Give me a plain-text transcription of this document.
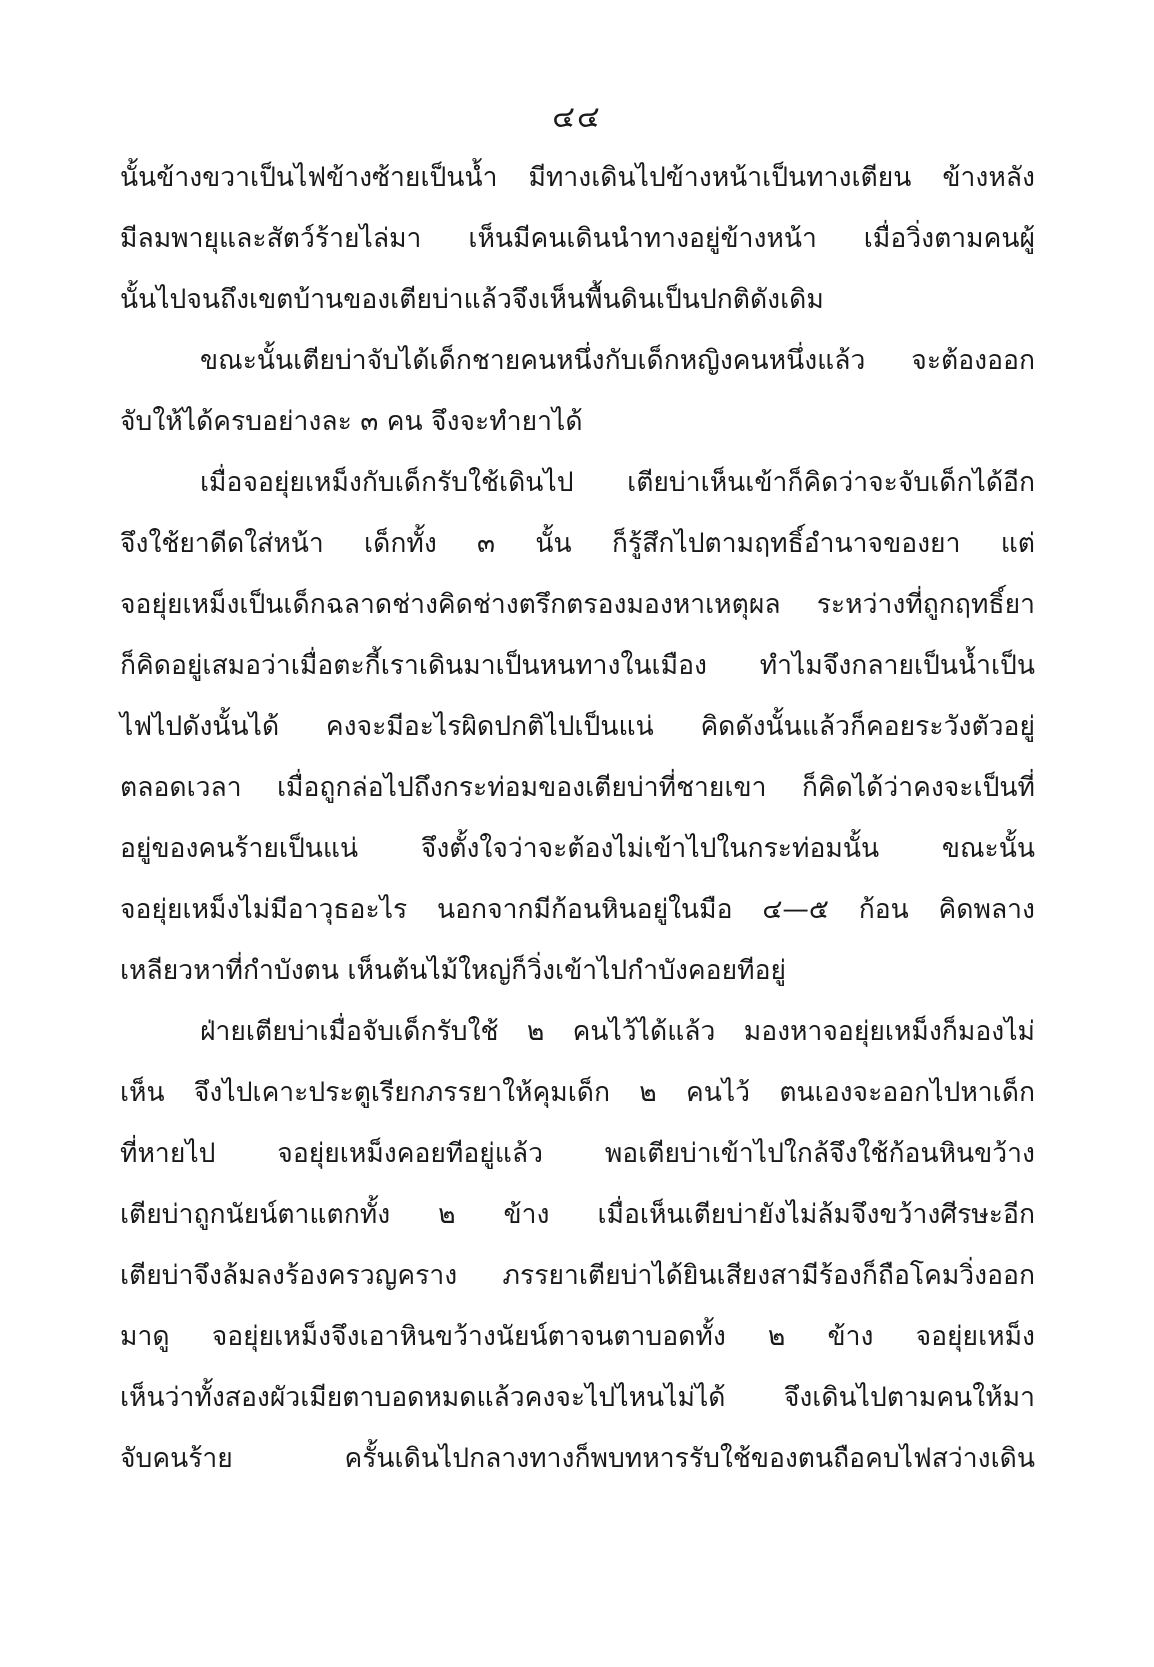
๔๔
นั้นข้างขวาเป็นไฟข้างซ้ายเป็นน้ำ มีทางเดินไปข้างหน้าเป็นทางเตียน ข้างหลัง
มีลมพายุและสัตว์ร้ายไล่มา เห็นมีคนเดินนำทางอยู่ข้างหน้า เมื่อวิ่งตามคนผู้
นั้นไปจนถึงเขตบ้านของเตียบ่าแล้วจึงเห็นพื้นดินเป็นปกติดังเดิม
ขณะนั้นเตียบ่าจับได้เด็กชายคนหนึ่งกับเด็กหญิงคนหนึ่งแล้ว จะต้องออก
จับให้ได้ครบอย่างละ ๓ คน จึงจะทำยาได้
เมื่อจอยุ่ยเหม็งกับเด็กรับใช้เดินไป เตียบ่าเห็นเข้าก็คิดว่าจะจับเด็กได้อีก
จึงใช้ยาดีดใส่หน้า เด็กทั้ง ๓ นั้น ก็รู้สึกไปตามฤทธิ์อำนาจของยา แต่
จอยุ่ยเหม็งเป็นเด็กฉลาดช่างคิดช่างตรึกตรองมองหาเหตุผล ระหว่างที่ถูกฤทธิ์ยา
ก็คิดอยู่เสมอว่าเมื่อตะกี้เราเดินมาเป็นหนทางในเมือง ทำไมจึงกลายเป็นน้ำเป็น
ไฟไปดังนั้นได้ คงจะมีอะไรผิดปกติไปเป็นแน่ คิดดังนั้นแล้วก็คอยระวังตัวอยู่
ตลอดเวลา เมื่อถูกล่อไปถึงกระท่อมของเตียบ่าที่ชายเขา ก็คิดได้ว่าคงจะเป็นที่
อยู่ของคนร้ายเป็นแน่ จึงตั้งใจว่าจะต้องไม่เข้าไปในกระท่อมนั้น ขณะนั้น
จอยุ่ยเหม็งไม่มีอาวุธอะไร นอกจากมีก้อนหินอยู่ในมือ ๔—๕ ก้อน คิดพลาง
เหลียวหาที่กำบังตน เห็นต้นไม้ใหญ่ก็วิ่งเข้าไปกำบังคอยทีอยู่
ฝ่ายเตียบ่าเมื่อจับเด็กรับใช้ ๒ คนไว้ได้แล้ว มองหาจอยุ่ยเหม็งก็มองไม่
เห็น จึงไปเคาะประตูเรียกภรรยาให้คุมเด็ก ๒ คนไว้ ตนเองจะออกไปหาเด็ก
ที่หายไป จอยุ่ยเหม็งคอยทีอยู่แล้ว พอเตียบ่าเข้าไปใกล้จึงใช้ก้อนหินขว้าง
เตียบ่าถูกนัยน์ตาแตกทั้ง ๒ ข้าง เมื่อเห็นเตียบ่ายังไม่ล้มจึงขว้างศีรษะอีก
เตียบ่าจึงล้มลงร้องครวญคราง ภรรยาเตียบ่าได้ยินเสียงสามีร้องก็ถือโคมวิ่งออก
มาดู จอยุ่ยเหม็งจึงเอาหินขว้างนัยน์ตาจนตาบอดทั้ง ๒ ข้าง จอยุ่ยเหม็ง
เห็นว่าทั้งสองผัวเมียตาบอดหมดแล้วคงจะไปไหนไม่ได้ จึงเดินไปตามคนให้มา
จับคนร้าย ครั้นเดินไปกลางทางก็พบทหารรับใช้ของตนถือคบไฟสว่างเดิน
